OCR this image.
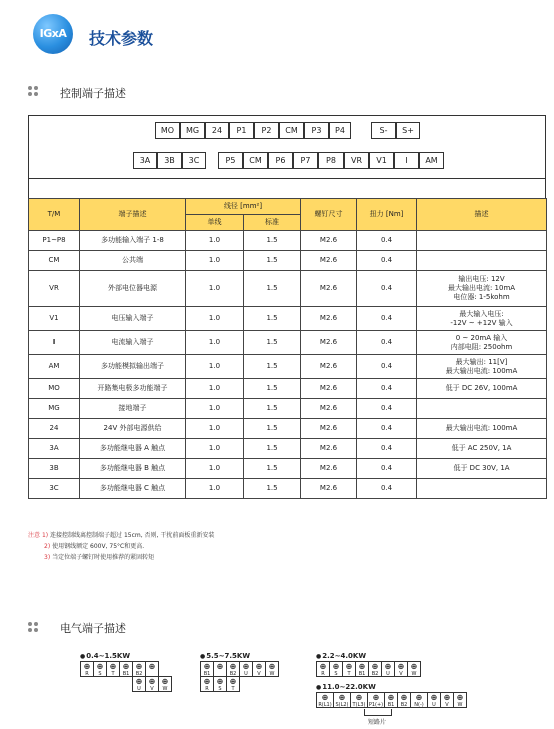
IGxA	技术参数
控制端子描述
MO	MG	24	P1	P2	CM	P3	P4	S-	S+
3A	3B	3C	P5	CM	P6	P7	P8	VR	V1	I	AM
T/M	端子描述	线径 [mm²]		螺钉尺寸	扭力 [Nm]	描述
		单线	标准			
P1~P8	多功能输入端子 1-8	1.0	1.5	M2.6	0.4	
CM	公共端	1.0	1.5	M2.6	0.4	
VR	外部电位器电源	1.0	1.5	M2.6	0.4	输出电压: 12V
最大输出电流: 10mA
电位器: 1-5kohm
V1	电压输入端子	1.0	1.5	M2.6	0.4	最大输入电压:
-12V ~ +12V 输入
I	电流输入端子	1.0	1.5	M2.6	0.4	0 ~ 20mA 输入
内部电阻: 250ohm
AM	多功能模拟输出端子	1.0	1.5	M2.6	0.4	最大输出: 11[V]
最大输出电流: 100mA
MO	开路集电极多功能端子	1.0	1.5	M2.6	0.4	低于 DC 26V, 100mA
MG	接地端子	1.0	1.5	M2.6	0.4	
24	24V 外部电源供给	1.0	1.5	M2.6	0.4	最大输出电流: 100mA
3A	多功能继电器 A 触点	1.0	1.5	M2.6	0.4	低于 AC 250V, 1A
3B	多功能继电器 B 触点	1.0	1.5	M2.6	0.4	低于 DC 30V, 1A
3C	多功能继电器 C 触点	1.0	1.5	M2.6	0.4	
注意 1) 连接控制线离控制端子超过 15cm, 否则, 干扰前面板重新安装
2) 使用钢线额定 600V, 75°C和更高.
3) 当定位端子螺钉时使用推荐的紧固转矩
电气端子描述
● 0.4~1.5KW
⊕
R
⊕
S
⊕
T
⊕
B1
⊕
B2
⊕
⊕
U
⊕
V
⊕
W
● 5.5~7.5KW
⊕
B1
⊕ ⊕
B2
⊕
U
⊕
V
⊕
W
⊕
R
⊕
S
⊕
T
● 2.2~4.0KW
⊕
R
⊕
S
⊕
T
⊕
B1
⊕
B2
⊕
U
⊕
V
⊕
W
● 11.0~22.0KW
⊕
R(L1)
⊕
S(L2)
⊕
T(L3)
⊕
P1(+)
⊕
B1
⊕
B2
⊕
N(-)
⊕
U
⊕
V
⊕
W
短路片
